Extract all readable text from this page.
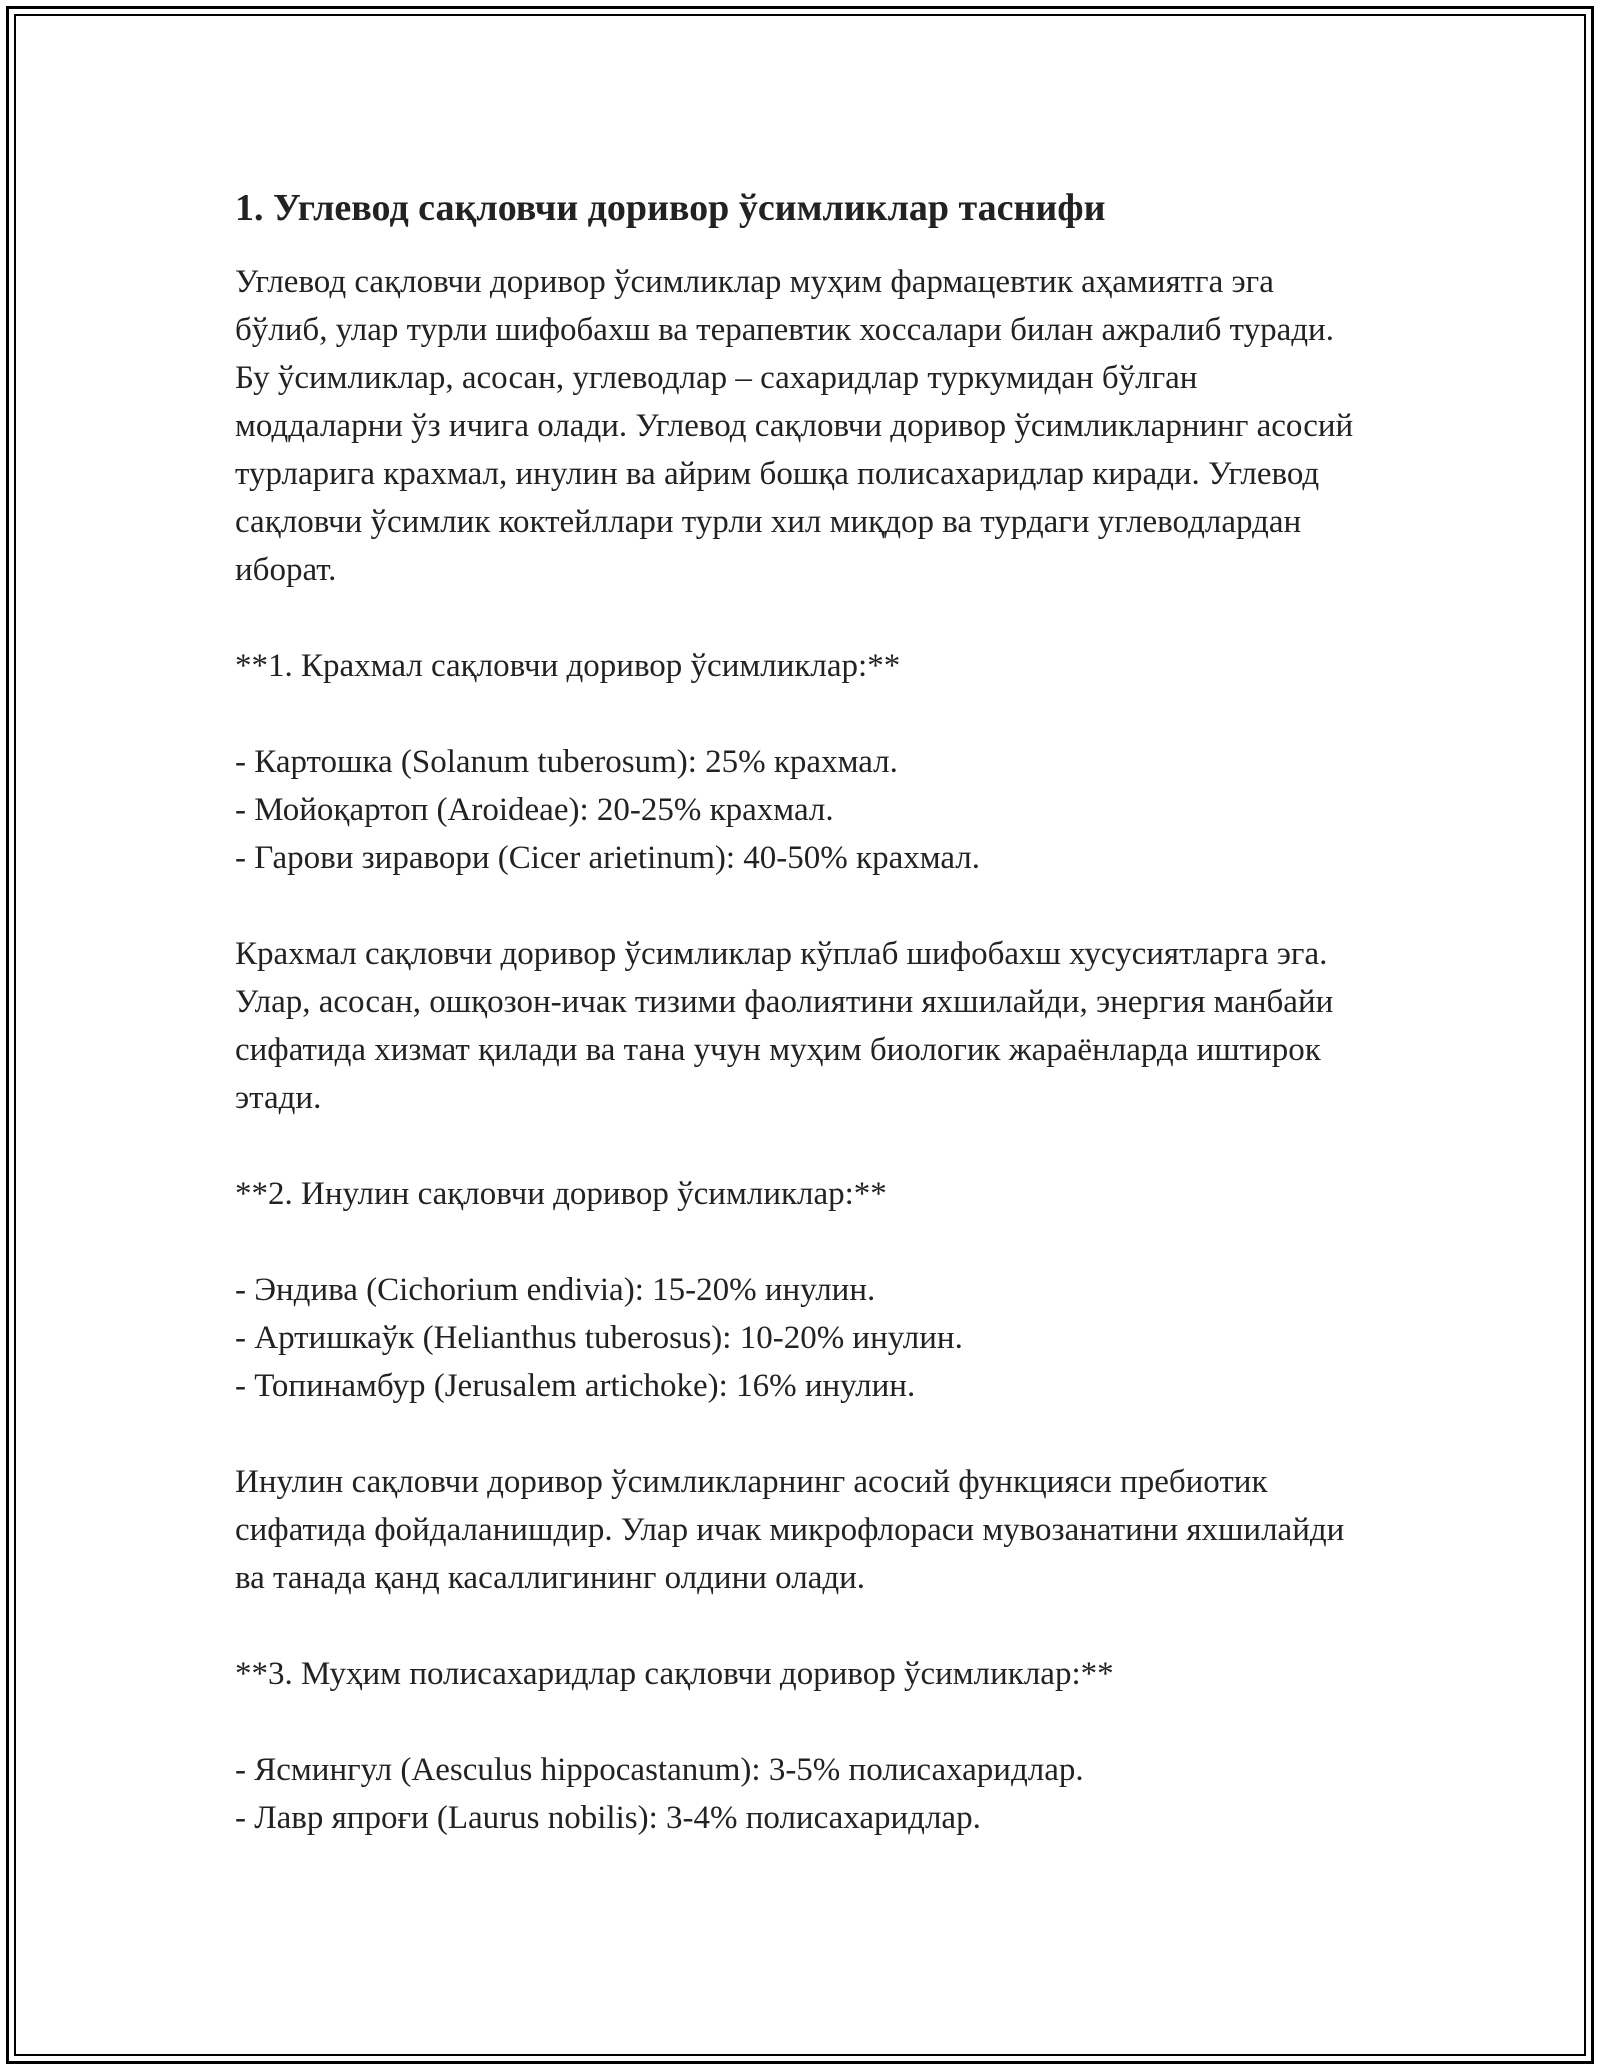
1. Углевод сақловчи доривор ўсимликлар таснифи

Углевод сақловчи доривор ўсимликлар муҳим фармацевтик аҳамиятга эга бўлиб, улар турли шифобахш ва терапевтик хоссалари билан ажралиб туради. Бу ўсимликлар, асосан, углеводлар – сахаридлар туркумидан бўлган моддаларни ўз ичига олади. Углевод сақловчи доривор ўсимликларнинг асосий турларига крахмал, инулин ва айрим бошқа полисахаридлар киради. Углевод сақловчи ўсимлик коктейллари турли хил миқдор ва турдаги углеводлардан иборат.

**1. Крахмал сақловчи доривор ўсимликлар:**

- Картошка (Solanum tuberosum): 25% крахмал.

- Мойоқартоп (Aroideae): 20-25% крахмал.

- Гарови зиравори (Cicer arietinum): 40-50% крахмал.

Крахмал сақловчи доривор ўсимликлар кўплаб шифобахш хусусиятларга эга. Улар, асосан, ошқозон-ичак тизими фаолиятини яхшилайди, энергия манбайи сифатида хизмат қилади ва тана учун муҳим биологик жараёнларда иштирок этади.

**2. Инулин сақловчи доривор ўсимликлар:**

- Эндива (Cichorium endivia): 15-20% инулин.

- Артишкаўк (Helianthus tuberosus): 10-20% инулин.

- Топинамбур (Jerusalem artichoke): 16% инулин.

Инулин сақловчи доривор ўсимликларнинг асосий функцияси пребиотик сифатида фойдаланишдир. Улар ичак микрофлораси мувозанатини яхшилайди ва танада қанд касаллигининг олдини олади.

**3. Муҳим полисахаридлар сақловчи доривор ўсимликлар:**

- Ясмингул (Aesculus hippocastanum): 3-5% полисахаридлар.

- Лавр япроғи (Laurus nobilis): 3-4% полисахаридлар.
